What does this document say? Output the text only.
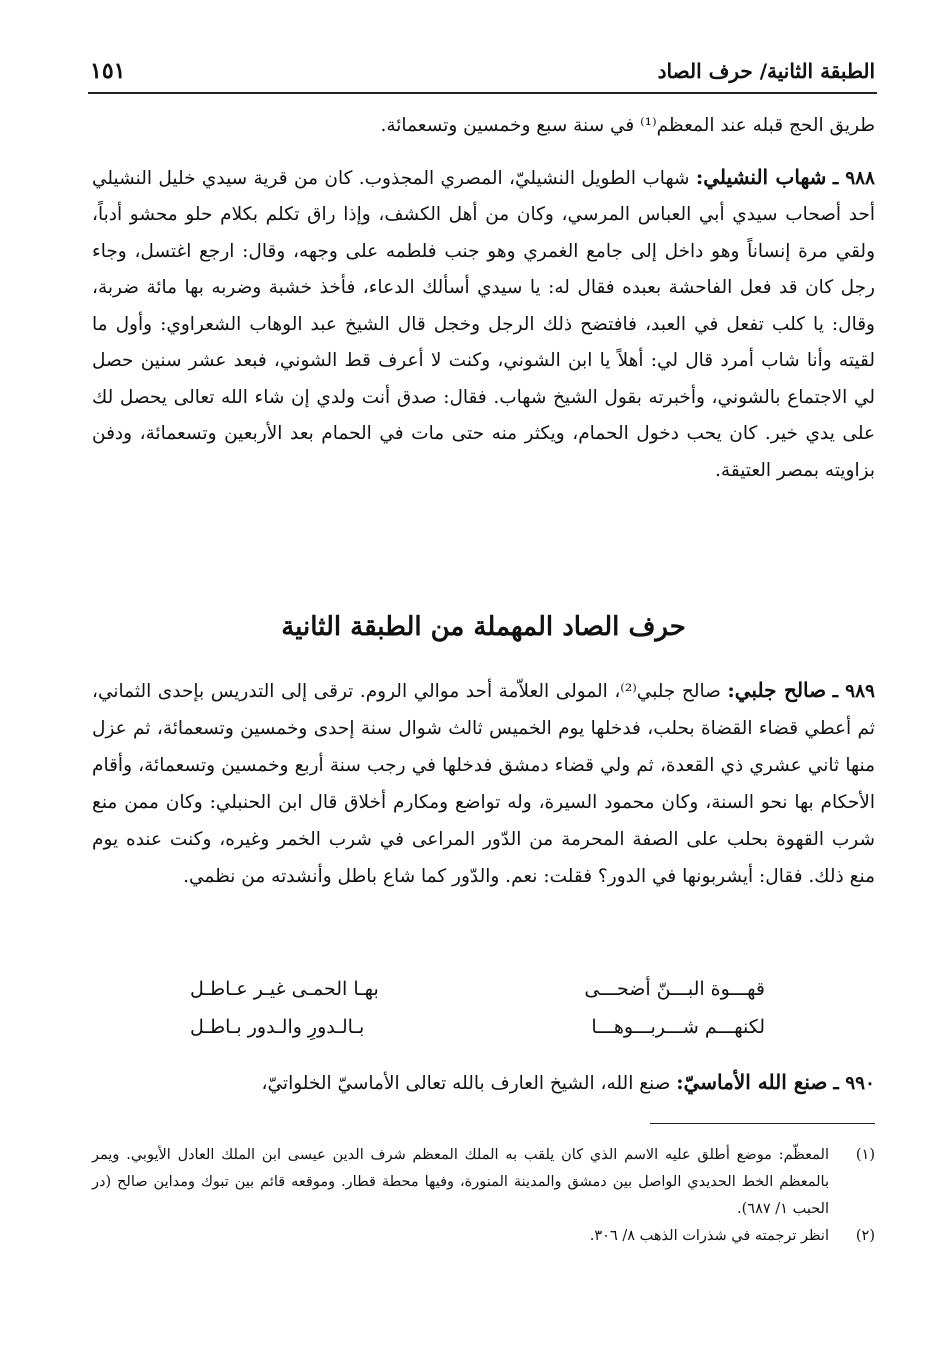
الطبقة الثانية/ حرف الصاد
١٥١

طريق الحج قبله عند المعظم⁽¹⁾ في سنة سبع وخمسين وتسعمائة.

٩٨٨ ـ شهاب النشيلي: شهاب الطويل النشيليّ، المصري المجذوب. كان من قرية سيدي خليل النشيلي أحد أصحاب سيدي أبي العباس المرسي، وكان من أهل الكشف، وإذا راق تكلم بكلام حلو محشو أدباً، ولقي مرة إنساناً وهو داخل إلى جامع الغمري وهو جنب فلطمه على وجهه، وقال: ارجع اغتسل، وجاء رجل كان قد فعل الفاحشة بعبده فقال له: يا سيدي أسألك الدعاء، فأخذ خشبة وضربه بها مائة ضربة، وقال: يا كلب تفعل في العبد، فافتضح ذلك الرجل وخجل قال الشيخ عبد الوهاب الشعراوي: وأول ما لقيته وأنا شاب أمرد قال لي: أهلاً يا ابن الشوني، وكنت لا أعرف قط الشوني، فبعد عشر سنين حصل لي الاجتماع بالشوني، وأخبرته بقول الشيخ شهاب. فقال: صدق أنت ولدي إن شاء الله تعالى يحصل لك على يدي خير. كان يحب دخول الحمام، ويكثر منه حتى مات في الحمام بعد الأربعين وتسعمائة، ودفن بزاويته بمصر العتيقة.

حرف الصاد المهملة من الطبقة الثانية

٩٨٩ ـ صالح جلبي: صالح جلبي⁽²⁾، المولى العلاّمة أحد موالي الروم. ترقى إلى التدريس بإحدى الثماني، ثم أعطي قضاء القضاة بحلب، فدخلها يوم الخميس ثالث شوال سنة إحدى وخمسين وتسعمائة، ثم عزل منها ثاني عشري ذي القعدة، ثم ولي قضاء دمشق فدخلها في رجب سنة أربع وخمسين وتسعمائة، وأقام الأحكام بها نحو السنة، وكان محمود السيرة، وله تواضع ومكارم أخلاق قال ابن الحنبلي: وكان ممن منع شرب القهوة بحلب على الصفة المحرمة من الدّور المراعى في شرب الخمر وغيره، وكنت عنده يوم منع ذلك. فقال: أيشربونها في الدور؟ فقلت: نعم. والدّور كما شاع باطل وأنشدته من نظمي.

قهـــوة البـــنّ أضحـــى
بهـا الحمـى غيـر عـاطـل
لكنهـــم شـــربـــوهـــا
بـالـدورِ والـدور بـاطـل
٩٩٠ ـ صنع الله الأماسيّ: صنع الله، الشيخ العارف بالله تعالى الأماسيّ الخلواتيّ،
(١)
المعظّم: موضع أطلق عليه الاسم الذي كان يلقب به الملك المعظم شرف الدين عيسى ابن الملك العادل الأيوبي. ويمر بالمعظم الخط الحديدي الواصل بين دمشق والمدينة المنورة، وفيها محطة قطار. وموقعه قائم بين تبوك ومداين صالح (در الحبب ١/ ٦٨٧).
(٢)
انظر ترجمته في شذرات الذهب ٨/ ٣٠٦.
